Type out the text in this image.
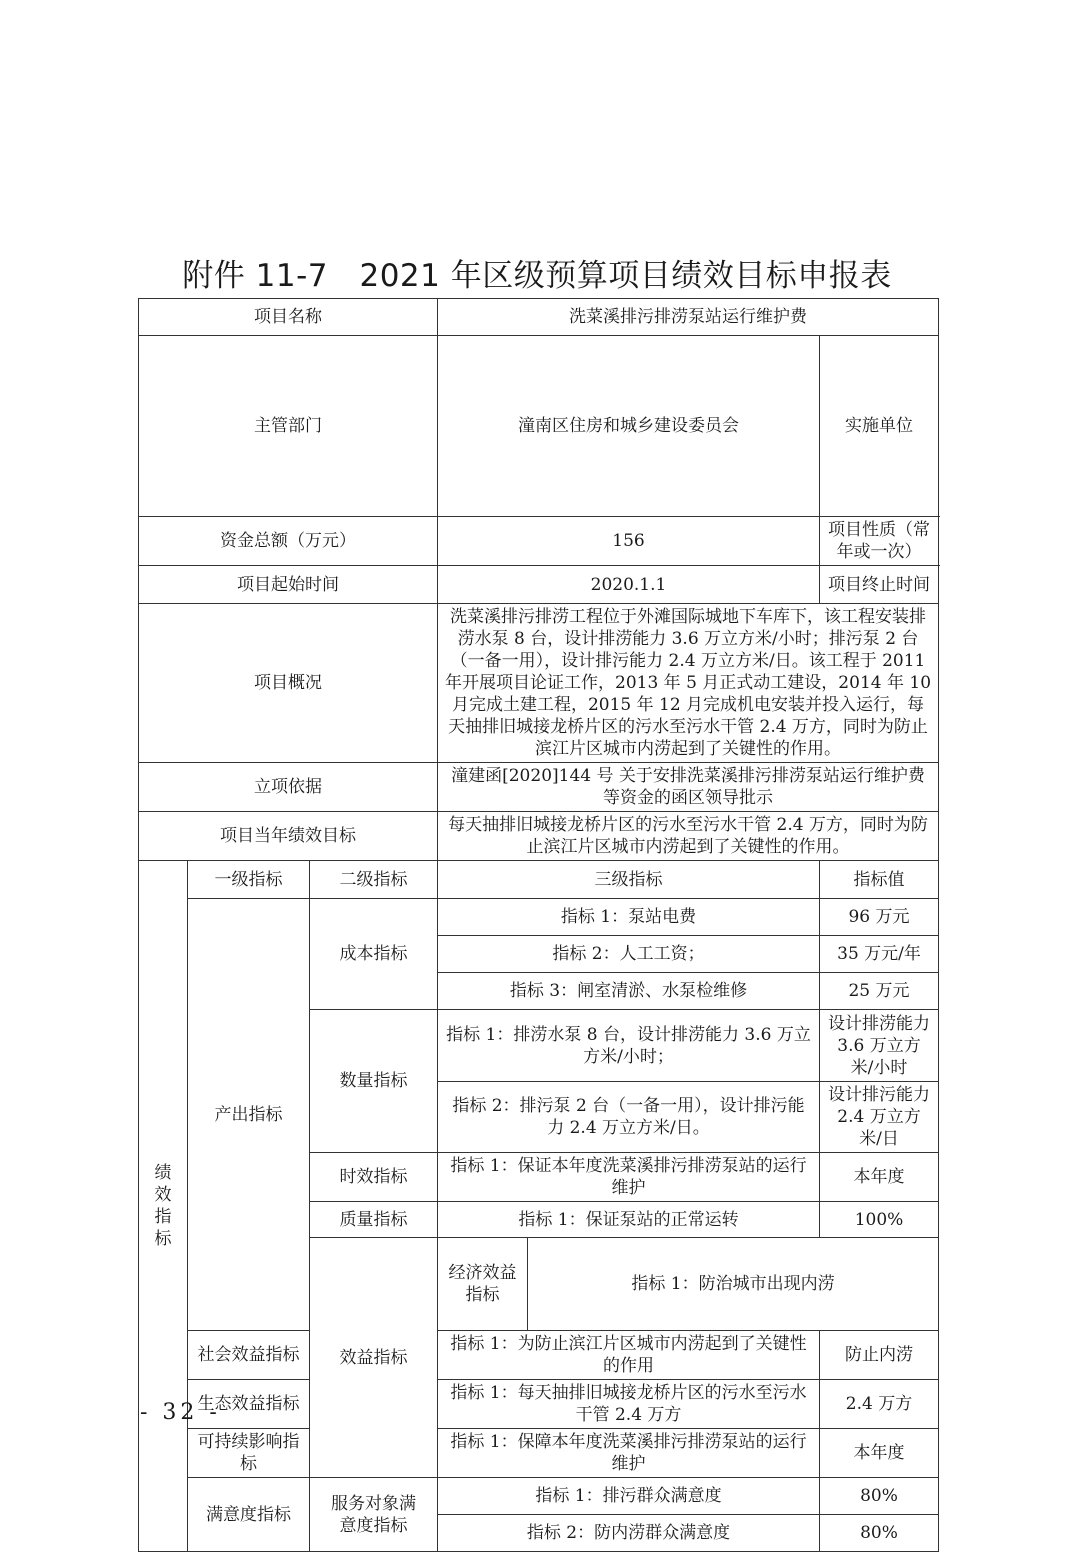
附件 11-7　2021 年区级预算项目绩效目标申报表
项目名称			洗菜溪排污排涝泵站运行维护费			
主管部门			潼南区住房和城乡建设委员会		实施单位	
资金总额（万元）			156		项目性质（常年或一次）	
项目起始时间			2020.1.1		项目终止时间	
项目概况			洗菜溪排污排涝工程位于外滩国际城地下车库下，该工程安装排涝水泵 8 台，设计排涝能力 3.6 万立方米/小时；排污泵 2 台（一备一用），设计排污能力 2.4 万立方米/日。该工程于 2011 年开展项目论证工作，2013 年 5 月正式动工建设，2014 年 10 月完成土建工程，2015 年 12 月完成机电安装并投入运行，每天抽排旧城接龙桥片区的污水至污水干管 2.4 万方，同时为防止滨江片区城市内涝起到了关键性的作用。			
立项依据			潼建函[2020]144 号 关于安排洗菜溪排污排涝泵站运行维护费等资金的函区领导批示			
项目当年绩效目标			每天抽排旧城接龙桥片区的污水至污水干管 2.4 万方，同时为防止滨江片区城市内涝起到了关键性的作用。			

绩
效
指
标	一级指标	二级指标	三级指标		指标值	
	产出指标	成本指标	指标 1：泵站电费		96 万元	
			指标 2：人工工资；		35 万元/年	
			指标 3：闸室清淤、水泵检维修		25 万元	
		数量指标	指标 1：排涝水泵 8 台，设计排涝能力 3.6 万立方米/小时；		设计排涝能力 3.6 万立方米/小时	
			指标 2：排污泵 2 台（一备一用），设计排污能力 2.4 万立方米/日。		设计排污能力 2.4 万立方米/日	
		时效指标	指标 1：保证本年度洗菜溪排污排涝泵站的运行维护		本年度	
		质量指标	指标 1：保证泵站的正常运转		100%	
		效益指标	经济效益指标	指标 1：防治城市出现内涝	
	社会效益指标		指标 1：为防止滨江片区城市内涝起到了关键性的作用		防止内涝	
	生态效益指标		指标 1：每天抽排旧城接龙桥片区的污水至污水干管 2.4 万方		2.4 万方	
	可持续影响指标		指标 1：保障本年度洗菜溪排污排涝泵站的运行维护		本年度	
	满意度指标	服务对象满意度指标	指标 1：排污群众满意度		80%	
			指标 2：防内涝群众满意度		80%	
- 32 -
